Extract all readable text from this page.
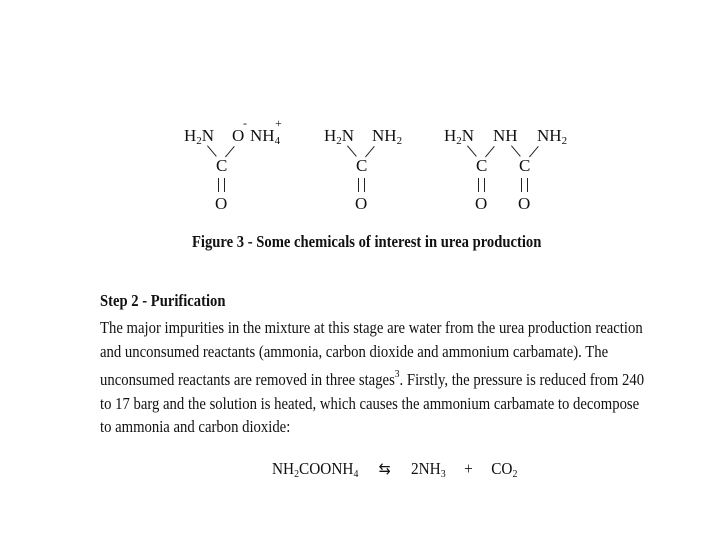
$H_2N$
-
O $NH_4$
+
C
O
$H_2N$ $NH_2$
C
O
$H_2N$ NH $NH_2$
C C
O O
Figure 3 - Some chemicals of interest in urea production
Step 2 - Purification
The major impurities in the mixture at this stage are water from the urea production reaction
and unconsumed reactants (ammonia, carbon dioxide and ammonium carbamate). The
unconsumed reactants are removed in three stages$^3$. Firstly, the pressure is reduced from 240
to 17 barg and the solution is heated, which causes the ammonium carbamate to decompose
to ammonia and carbon dioxide:
$NH_2COONH_4$ ⇆ $2NH_3 + CO_2$
